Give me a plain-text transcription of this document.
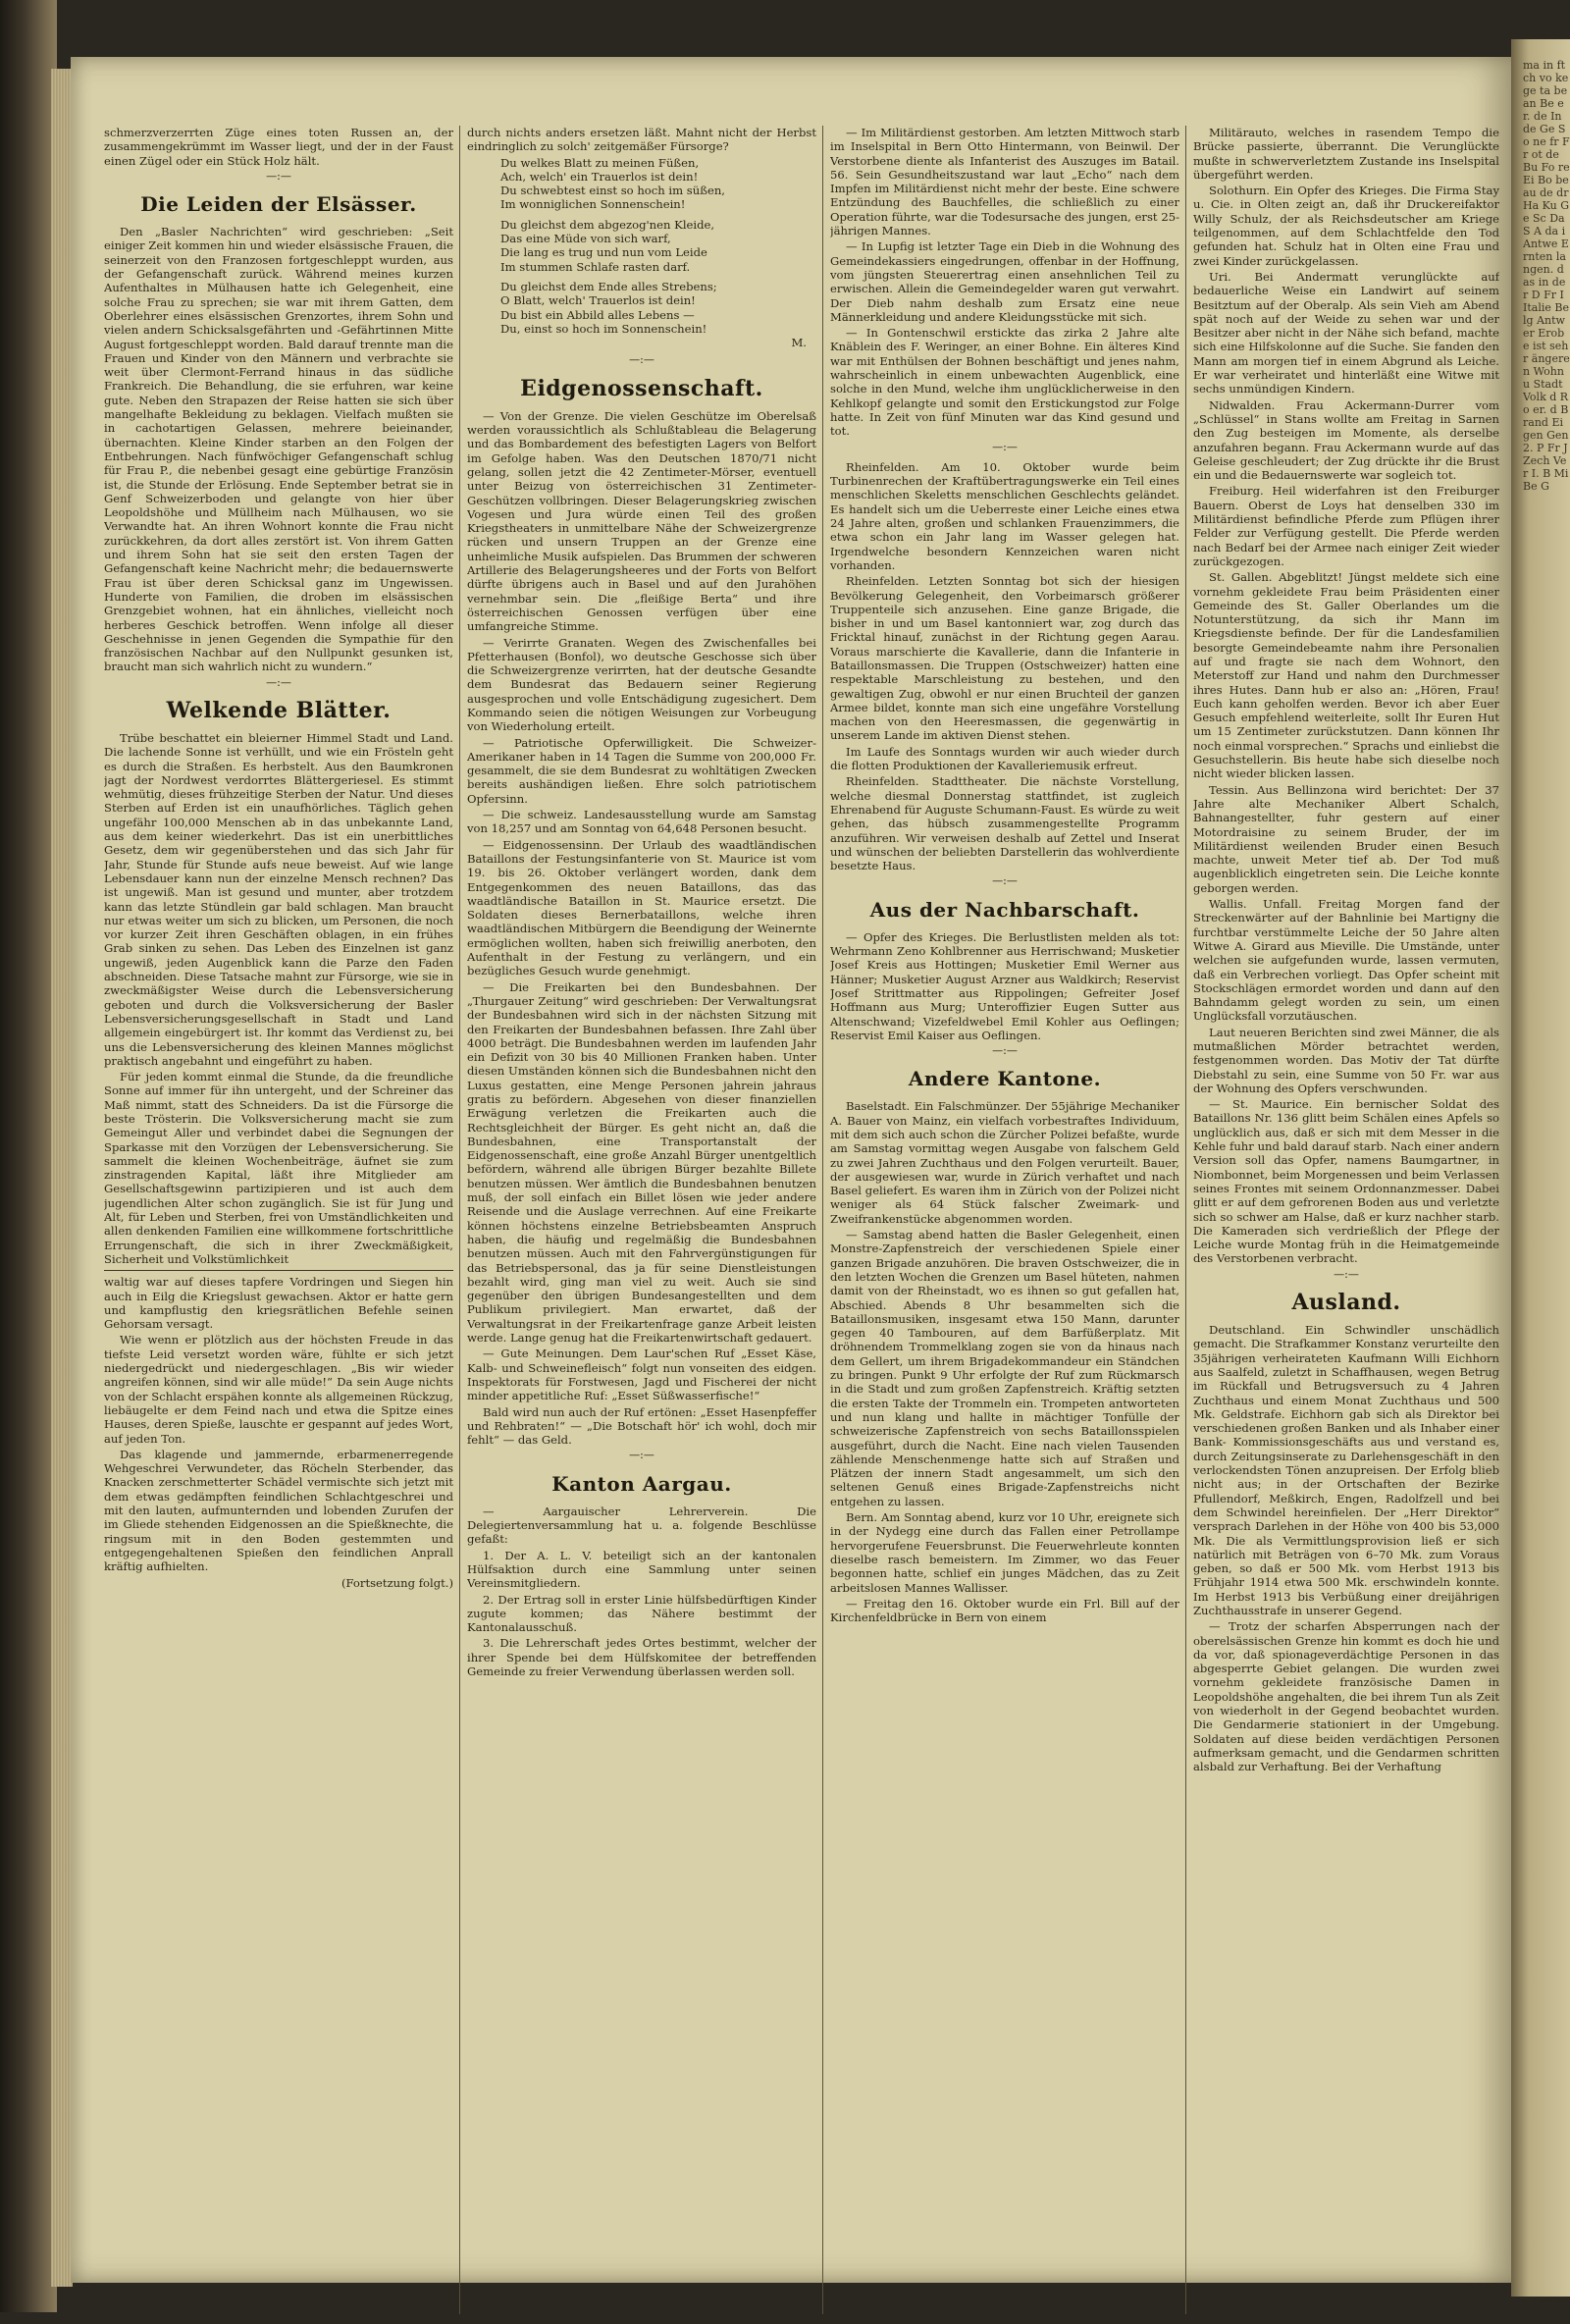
ma in ft ch vo ke ge ta be an Be er. de In de Ge So ne fr Fr ot de Bu Fo re Ei Bo be au de dr Ha Ku Ge Sc Da S A da i Antwe Ernten langen. das in der D Fr I Italie Belg Antwer Erobe ist sehr ängeren Wohnu Stadt Volk d Ro er. d Brand Eigen Gen 2. P Fr J Zech Ver I. B Mi Be G

schmerzverzerrten Züge eines toten Russen an, der zusammengekrümmt im Wasser liegt, und der in der Faust einen Zügel oder ein Stück Holz hält.

—:—
Die Leiden der Elsässer.

Den „Basler Nachrichten“ wird geschrieben: „Seit einiger Zeit kommen hin und wieder elsässische Frauen, die seinerzeit von den Franzosen fortgeschleppt wurden, aus der Gefangenschaft zurück. Während meines kurzen Aufenthaltes in Mülhausen hatte ich Gelegenheit, eine solche Frau zu sprechen; sie war mit ihrem Gatten, dem Oberlehrer eines elsässischen Grenzortes, ihrem Sohn und vielen andern Schicksalsgefährten und -Gefährtinnen Mitte August fortgeschleppt worden. Bald darauf trennte man die Frauen und Kinder von den Männern und verbrachte sie weit über Clermont-Ferrand hinaus in das südliche Frankreich. Die Behandlung, die sie erfuhren, war keine gute. Neben den Strapazen der Reise hatten sie sich über mangelhafte Bekleidung zu beklagen. Vielfach mußten sie in cachotartigen Gelassen, mehrere beieinander, übernachten. Kleine Kinder starben an den Folgen der Entbehrungen. Nach fünfwöchiger Gefangenschaft schlug für Frau P., die nebenbei gesagt eine gebürtige Französin ist, die Stunde der Erlösung. Ende September betrat sie in Genf Schweizerboden und gelangte von hier über Leopoldshöhe und Müllheim nach Mülhausen, wo sie Verwandte hat. An ihren Wohnort konnte die Frau nicht zurückkehren, da dort alles zerstört ist. Von ihrem Gatten und ihrem Sohn hat sie seit den ersten Tagen der Gefangenschaft keine Nachricht mehr; die bedauernswerte Frau ist über deren Schicksal ganz im Ungewissen. Hunderte von Familien, die droben im elsässischen Grenzgebiet wohnen, hat ein ähnliches, vielleicht noch herberes Geschick betroffen. Wenn infolge all dieser Geschehnisse in jenen Gegenden die Sympathie für den französischen Nachbar auf den Nullpunkt gesunken ist, braucht man sich wahrlich nicht zu wundern.“

—:—
Welkende Blätter.

Trübe beschattet ein bleierner Himmel Stadt und Land. Die lachende Sonne ist verhüllt, und wie ein Frösteln geht es durch die Straßen. Es herbstelt. Aus den Baumkronen jagt der Nordwest verdorrtes Blättergeriesel. Es stimmt wehmütig, dieses frühzeitige Sterben der Natur. Und dieses Sterben auf Erden ist ein unaufhörliches. Täglich gehen ungefähr 100,000 Menschen ab in das unbekannte Land, aus dem keiner wiederkehrt. Das ist ein unerbittliches Gesetz, dem wir gegenüberstehen und das sich Jahr für Jahr, Stunde für Stunde aufs neue beweist. Auf wie lange Lebensdauer kann nun der einzelne Mensch rechnen? Das ist ungewiß. Man ist gesund und munter, aber trotzdem kann das letzte Stündlein gar bald schlagen. Man braucht nur etwas weiter um sich zu blicken, um Personen, die noch vor kurzer Zeit ihren Geschäften oblagen, in ein frühes Grab sinken zu sehen. Das Leben des Einzelnen ist ganz ungewiß, jeden Augenblick kann die Parze den Faden abschneiden. Diese Tatsache mahnt zur Fürsorge, wie sie in zweckmäßigster Weise durch die Lebensversicherung geboten und durch die Volksversicherung der Basler Lebensversicherungsgesellschaft in Stadt und Land allgemein eingebürgert ist. Ihr kommt das Verdienst zu, bei uns die Lebensversicherung des kleinen Mannes möglichst praktisch angebahnt und eingeführt zu haben.

Für jeden kommt einmal die Stunde, da die freundliche Sonne auf immer für ihn untergeht, und der Schreiner das Maß nimmt, statt des Schneiders. Da ist die Fürsorge die beste Trösterin. Die Volksversicherung macht sie zum Gemeingut Aller und verbindet dabei die Segnungen der Sparkasse mit den Vorzügen der Lebensversicherung. Sie sammelt die kleinen Wochenbeiträge, äufnet sie zum zinstragenden Kapital, läßt ihre Mitglieder am Gesellschaftsgewinn partizipieren und ist auch dem jugendlichen Alter schon zugänglich. Sie ist für Jung und Alt, für Leben und Sterben, frei von Umständlichkeiten und allen denkenden Familien eine willkommene fortschrittliche Errungenschaft, die sich in ihrer Zweckmäßigkeit, Sicherheit und Volkstümlichkeit

waltig war auf dieses tapfere Vordringen und Siegen hin auch in Eilg die Kriegslust gewachsen. Aktor er hatte gern und kampflustig den kriegsrätlichen Befehle seinen Gehorsam versagt.

Wie wenn er plötzlich aus der höchsten Freude in das tiefste Leid versetzt worden wäre, fühlte er sich jetzt niedergedrückt und niedergeschlagen. „Bis wir wieder angreifen können, sind wir alle müde!“ Da sein Auge nichts von der Schlacht erspähen konnte als allgemeinen Rückzug, liebäugelte er dem Feind nach und etwa die Spitze eines Hauses, deren Spieße, lauschte er gespannt auf jedes Wort, auf jeden Ton.

Das klagende und jammernde, erbarmenerregende Wehgeschrei Verwundeter, das Röcheln Sterbender, das Knacken zerschmetterter Schädel vermischte sich jetzt mit dem etwas gedämpften feindlichen Schlachtgeschrei und mit den lauten, aufmunternden und lobenden Zurufen der im Gliede stehenden Eidgenossen an die Spießknechte, die ringsum mit in den Boden gestemmten und entgegengehaltenen Spießen den feindlichen Anprall kräftig aufhielten.

(Fortsetzung folgt.)

durch nichts anders ersetzen läßt. Mahnt nicht der Herbst eindringlich zu solch' zeitgemäßer Fürsorge?

Du welkes Blatt zu meinen Füßen,
Ach, welch' ein Trauerlos ist dein!
Du schwebtest einst so hoch im süßen,
Im wonniglichen Sonnenschein!
Du gleichst dem abgezog'nen Kleide,
Das eine Müde von sich warf,
Die lang es trug und nun vom Leide
Im stummen Schlafe rasten darf.
Du gleichst dem Ende alles Strebens;
O Blatt, welch' Trauerlos ist dein!
Du bist ein Abbild alles Lebens —
Du, einst so hoch im Sonnenschein!
M.
—:—
Eidgenossenschaft.

— Von der Grenze. Die vielen Geschütze im Oberelsaß werden voraussichtlich als Schlußtableau die Belagerung und das Bombardement des befestigten Lagers von Belfort im Gefolge haben. Was den Deutschen 1870/71 nicht gelang, sollen jetzt die 42 Zentimeter-Mörser, eventuell unter Beizug von österreichischen 31 Zentimeter-Geschützen vollbringen. Dieser Belagerungskrieg zwischen Vogesen und Jura würde einen Teil des großen Kriegstheaters in unmittelbare Nähe der Schweizergrenze rücken und unsern Truppen an der Grenze eine unheimliche Musik aufspielen. Das Brummen der schweren Artillerie des Belagerungsheeres und der Forts von Belfort dürfte übrigens auch in Basel und auf den Jurahöhen vernehmbar sein. Die „fleißige Berta“ und ihre österreichischen Genossen verfügen über eine umfangreiche Stimme.

— Verirrte Granaten. Wegen des Zwischenfalles bei Pfetterhausen (Bonfol), wo deutsche Geschosse sich über die Schweizergrenze verirrten, hat der deutsche Gesandte dem Bundesrat das Bedauern seiner Regierung ausgesprochen und volle Entschädigung zugesichert. Dem Kommando seien die nötigen Weisungen zur Vorbeugung von Wiederholung erteilt.

— Patriotische Opferwilligkeit. Die Schweizer-Amerikaner haben in 14 Tagen die Summe von 200,000 Fr. gesammelt, die sie dem Bundesrat zu wohltätigen Zwecken bereits aushändigen ließen. Ehre solch patriotischem Opfersinn.

— Die schweiz. Landesausstellung wurde am Samstag von 18,257 und am Sonntag von 64,648 Personen besucht.

— Eidgenossensinn. Der Urlaub des waadtländischen Bataillons der Festungsinfanterie von St. Maurice ist vom 19. bis 26. Oktober verlängert worden, dank dem Entgegenkommen des neuen Bataillons, das das waadtländische Bataillon in St. Maurice ersetzt. Die Soldaten dieses Bernerbataillons, welche ihren waadtländischen Mitbürgern die Beendigung der Weinernte ermöglichen wollten, haben sich freiwillig anerboten, den Aufenthalt in der Festung zu verlängern, und ein bezügliches Gesuch wurde genehmigt.

— Die Freikarten bei den Bundesbahnen. Der „Thurgauer Zeitung“ wird geschrieben: Der Verwaltungsrat der Bundesbahnen wird sich in der nächsten Sitzung mit den Freikarten der Bundesbahnen befassen. Ihre Zahl über 4000 beträgt. Die Bundesbahnen werden im laufenden Jahr ein Defizit von 30 bis 40 Millionen Franken haben. Unter diesen Umständen können sich die Bundesbahnen nicht den Luxus gestatten, eine Menge Personen jahrein jahraus gratis zu befördern. Abgesehen von dieser finanziellen Erwägung verletzen die Freikarten auch die Rechtsgleichheit der Bürger. Es geht nicht an, daß die Bundesbahnen, eine Transportanstalt der Eidgenossenschaft, eine große Anzahl Bürger unentgeltlich befördern, während alle übrigen Bürger bezahlte Billete benutzen müssen. Wer ämtlich die Bundesbahnen benutzen muß, der soll einfach ein Billet lösen wie jeder andere Reisende und die Auslage verrechnen. Auf eine Freikarte können höchstens einzelne Betriebsbeamten Anspruch haben, die häufig und regelmäßig die Bundesbahnen benutzen müssen. Auch mit den Fahrvergünstigungen für das Betriebspersonal, das ja für seine Dienstleistungen bezahlt wird, ging man viel zu weit. Auch sie sind gegenüber den übrigen Bundesangestellten und dem Publikum privilegiert. Man erwartet, daß der Verwaltungsrat in der Freikartenfrage ganze Arbeit leisten werde. Lange genug hat die Freikartenwirtschaft gedauert.

— Gute Meinungen. Dem Laur'schen Ruf „Esset Käse, Kalb- und Schweinefleisch“ folgt nun vonseiten des eidgen. Inspektorats für Forstwesen, Jagd und Fischerei der nicht minder appetitliche Ruf: „Esset Süßwasserfische!“

Bald wird nun auch der Ruf ertönen: „Esset Hasenpfeffer und Rehbraten!“ — „Die Botschaft hör' ich wohl, doch mir fehlt“ — das Geld.

—:—
Kanton Aargau.

— Aargauischer Lehrerverein. Die Delegiertenversammlung hat u. a. folgende Beschlüsse gefaßt:

1. Der A. L. V. beteiligt sich an der kantonalen Hülfsaktion durch eine Sammlung unter seinen Vereinsmitgliedern.

2. Der Ertrag soll in erster Linie hülfsbedürftigen Kinder zugute kommen; das Nähere bestimmt der Kantonalausschuß.

3. Die Lehrerschaft jedes Ortes bestimmt, welcher der ihrer Spende bei dem Hülfskomitee der betreffenden Gemeinde zu freier Verwendung überlassen werden soll.

— Im Militärdienst gestorben. Am letzten Mittwoch starb im Inselspital in Bern Otto Hintermann, von Beinwil. Der Verstorbene diente als Infanterist des Auszuges im Batail. 56. Sein Gesundheitszustand war laut „Echo“ nach dem Impfen im Militärdienst nicht mehr der beste. Eine schwere Entzündung des Bauchfelles, die schließlich zu einer Operation führte, war die Todesursache des jungen, erst 25-jährigen Mannes.

— In Lupfig ist letzter Tage ein Dieb in die Wohnung des Gemeindekassiers eingedrungen, offenbar in der Hoffnung, vom jüngsten Steuerertrag einen ansehnlichen Teil zu erwischen. Allein die Gemeindegelder waren gut verwahrt. Der Dieb nahm deshalb zum Ersatz eine neue Männerkleidung und andere Kleidungsstücke mit sich.

— In Gontenschwil erstickte das zirka 2 Jahre alte Knäblein des F. Weringer, an einer Bohne. Ein älteres Kind war mit Enthülsen der Bohnen beschäftigt und jenes nahm, wahrscheinlich in einem unbewachten Augenblick, eine solche in den Mund, welche ihm unglücklicherweise in den Kehlkopf gelangte und somit den Erstickungstod zur Folge hatte. In Zeit von fünf Minuten war das Kind gesund und tot.

—:—

Rheinfelden. Am 10. Oktober wurde beim Turbinenrechen der Kraftübertragungswerke ein Teil eines menschlichen Skeletts menschlichen Geschlechts geländet. Es handelt sich um die Ueberreste einer Leiche eines etwa 24 Jahre alten, großen und schlanken Frauenzimmers, die etwa schon ein Jahr lang im Wasser gelegen hat. Irgendwelche besondern Kennzeichen waren nicht vorhanden.

Rheinfelden. Letzten Sonntag bot sich der hiesigen Bevölkerung Gelegenheit, den Vorbeimarsch größerer Truppenteile sich anzusehen. Eine ganze Brigade, die bisher in und um Basel kantonniert war, zog durch das Fricktal hinauf, zunächst in der Richtung gegen Aarau. Voraus marschierte die Kavallerie, dann die Infanterie in Bataillonsmassen. Die Truppen (Ostschweizer) hatten eine respektable Marschleistung zu bestehen, und den gewaltigen Zug, obwohl er nur einen Bruchteil der ganzen Armee bildet, konnte man sich eine ungefähre Vorstellung machen von den Heeresmassen, die gegenwärtig in unserem Lande im aktiven Dienst stehen.

Im Laufe des Sonntags wurden wir auch wieder durch die flotten Produktionen der Kavalleriemusik erfreut.

Rheinfelden. Stadttheater. Die nächste Vorstellung, welche diesmal Donnerstag stattfindet, ist zugleich Ehrenabend für Auguste Schumann-Faust. Es würde zu weit gehen, das hübsch zusammengestellte Programm anzuführen. Wir verweisen deshalb auf Zettel und Inserat und wünschen der beliebten Darstellerin das wohlverdiente besetzte Haus.

—:—
Aus der Nachbarschaft.

— Opfer des Krieges. Die Berlustlisten melden als tot: Wehrmann Zeno Kohlbrenner aus Herrischwand; Musketier Josef Kreis aus Hottingen; Musketier Emil Werner aus Hänner; Musketier August Arzner aus Waldkirch; Reservist Josef Strittmatter aus Rippolingen; Gefreiter Josef Hoffmann aus Murg; Unteroffizier Eugen Sutter aus Altenschwand; Vizefeldwebel Emil Kohler aus Oeflingen; Reservist Emil Kaiser aus Oeflingen.

—:—
Andere Kantone.

Baselstadt. Ein Falschmünzer. Der 55jährige Mechaniker A. Bauer von Mainz, ein vielfach vorbestraftes Individuum, mit dem sich auch schon die Zürcher Polizei befaßte, wurde am Samstag vormittag wegen Ausgabe von falschem Geld zu zwei Jahren Zuchthaus und den Folgen verurteilt. Bauer, der ausgewiesen war, wurde in Zürich verhaftet und nach Basel geliefert. Es waren ihm in Zürich von der Polizei nicht weniger als 64 Stück falscher Zweimark- und Zweifrankenstücke abgenommen worden.

— Samstag abend hatten die Basler Gelegenheit, einen Monstre-Zapfenstreich der verschiedenen Spiele einer ganzen Brigade anzuhören. Die braven Ostschweizer, die in den letzten Wochen die Grenzen um Basel hüteten, nahmen damit von der Rheinstadt, wo es ihnen so gut gefallen hat, Abschied. Abends 8 Uhr besammelten sich die Bataillonsmusiken, insgesamt etwa 150 Mann, darunter gegen 40 Tambouren, auf dem Barfüßerplatz. Mit dröhnendem Trommelklang zogen sie von da hinaus nach dem Gellert, um ihrem Brigadekommandeur ein Ständchen zu bringen. Punkt 9 Uhr erfolgte der Ruf zum Rückmarsch in die Stadt und zum großen Zapfenstreich. Kräftig setzten die ersten Takte der Trommeln ein. Trompeten antworteten und nun klang und hallte in mächtiger Tonfülle der schweizerische Zapfenstreich von sechs Bataillonsspielen ausgeführt, durch die Nacht. Eine nach vielen Tausenden zählende Menschenmenge hatte sich auf Straßen und Plätzen der innern Stadt angesammelt, um sich den seltenen Genuß eines Brigade-Zapfenstreichs nicht entgehen zu lassen.

Bern. Am Sonntag abend, kurz vor 10 Uhr, ereignete sich in der Nydegg eine durch das Fallen einer Petrollampe hervorgerufene Feuersbrunst. Die Feuerwehrleute konnten dieselbe rasch bemeistern. Im Zimmer, wo das Feuer begonnen hatte, schlief ein junges Mädchen, das zu Zeit arbeitslosen Mannes Wallisser.

— Freitag den 16. Oktober wurde ein Frl. Bill auf der Kirchenfeldbrücke in Bern von einem

Militärauto, welches in rasendem Tempo die Brücke passierte, überrannt. Die Verunglückte mußte in schwerverletztem Zustande ins Inselspital übergeführt werden.

Solothurn. Ein Opfer des Krieges. Die Firma Stay u. Cie. in Olten zeigt an, daß ihr Druckereifaktor Willy Schulz, der als Reichsdeutscher am Kriege teilgenommen, auf dem Schlachtfelde den Tod gefunden hat. Schulz hat in Olten eine Frau und zwei Kinder zurückgelassen.

Uri. Bei Andermatt verunglückte auf bedauerliche Weise ein Landwirt auf seinem Besitztum auf der Oberalp. Als sein Vieh am Abend spät noch auf der Weide zu sehen war und der Besitzer aber nicht in der Nähe sich befand, machte sich eine Hilfskolonne auf die Suche. Sie fanden den Mann am morgen tief in einem Abgrund als Leiche. Er war verheiratet und hinterläßt eine Witwe mit sechs unmündigen Kindern.

Nidwalden. Frau Ackermann-Durrer vom „Schlüssel“ in Stans wollte am Freitag in Sarnen den Zug besteigen im Momente, als derselbe anzufahren begann. Frau Ackermann wurde auf das Geleise geschleudert; der Zug drückte ihr die Brust ein und die Bedauernswerte war sogleich tot.

Freiburg. Heil widerfahren ist den Freiburger Bauern. Oberst de Loys hat denselben 330 im Militärdienst befindliche Pferde zum Pflügen ihrer Felder zur Verfügung gestellt. Die Pferde werden nach Bedarf bei der Armee nach einiger Zeit wieder zurückgezogen.

St. Gallen. Abgeblitzt! Jüngst meldete sich eine vornehm gekleidete Frau beim Präsidenten einer Gemeinde des St. Galler Oberlandes um die Notunterstützung, da sich ihr Mann im Kriegsdienste befinde. Der für die Landesfamilien besorgte Gemeindebeamte nahm ihre Personalien auf und fragte sie nach dem Wohnort, den Meterstoff zur Hand und nahm den Durchmesser ihres Hutes. Dann hub er also an: „Hören, Frau! Euch kann geholfen werden. Bevor ich aber Euer Gesuch empfehlend weiterleite, sollt Ihr Euren Hut um 15 Zentimeter zurückstutzen. Dann können Ihr noch einmal vorsprechen.“ Sprachs und einliebst die Gesuchstellerin. Bis heute habe sich dieselbe noch nicht wieder blicken lassen.

Tessin. Aus Bellinzona wird berichtet: Der 37 Jahre alte Mechaniker Albert Schalch, Bahnangestellter, fuhr gestern auf einer Motordraisine zu seinem Bruder, der im Militärdienst weilenden Bruder einen Besuch machte, unweit Meter tief ab. Der Tod muß augenblicklich eingetreten sein. Die Leiche konnte geborgen werden.

Wallis. Unfall. Freitag Morgen fand der Streckenwärter auf der Bahnlinie bei Martigny die furchtbar verstümmelte Leiche der 50 Jahre alten Witwe A. Girard aus Mieville. Die Umstände, unter welchen sie aufgefunden wurde, lassen vermuten, daß ein Verbrechen vorliegt. Das Opfer scheint mit Stockschlägen ermordet worden und dann auf den Bahndamm gelegt worden zu sein, um einen Unglücksfall vorzutäuschen.

Laut neueren Berichten sind zwei Männer, die als mutmaßlichen Mörder betrachtet werden, festgenommen worden. Das Motiv der Tat dürfte Diebstahl zu sein, eine Summe von 50 Fr. war aus der Wohnung des Opfers verschwunden.

— St. Maurice. Ein bernischer Soldat des Bataillons Nr. 136 glitt beim Schälen eines Apfels so unglücklich aus, daß er sich mit dem Messer in die Kehle fuhr und bald darauf starb. Nach einer andern Version soll das Opfer, namens Baumgartner, in Niombonnet, beim Morgenessen und beim Verlassen seines Frontes mit seinem Ordonnanzmesser. Dabei glitt er auf dem gefrorenen Boden aus und verletzte sich so schwer am Halse, daß er kurz nachher starb. Die Kameraden sich verdrießlich der Pflege der Leiche wurde Montag früh in die Heimatgemeinde des Verstorbenen verbracht.

—:—
Ausland.

Deutschland. Ein Schwindler unschädlich gemacht. Die Strafkammer Konstanz verurteilte den 35jährigen verheirateten Kaufmann Willi Eichhorn aus Saalfeld, zuletzt in Schaffhausen, wegen Betrug im Rückfall und Betrugsversuch zu 4 Jahren Zuchthaus und einem Monat Zuchthaus und 500 Mk. Geldstrafe. Eichhorn gab sich als Direktor bei verschiedenen großen Banken und als Inhaber einer Bank- Kommissionsgeschäfts aus und verstand es, durch Zeitungsinserate zu Darlehensgeschäft in den verlockendsten Tönen anzupreisen. Der Erfolg blieb nicht aus; in der Ortschaften der Bezirke Pfullendorf, Meßkirch, Engen, Radolfzell und bei dem Schwindel hereinfielen. Der „Herr Direktor“ versprach Darlehen in der Höhe von 400 bis 53,000 Mk. Die als Vermittlungsprovision ließ er sich natürlich mit Beträgen von 6–70 Mk. zum Voraus geben, so daß er 500 Mk. vom Herbst 1913 bis Frühjahr 1914 etwa 500 Mk. erschwindeln konnte. Im Herbst 1913 bis Verbüßung einer dreijährigen Zuchthausstrafe in unserer Gegend.

— Trotz der scharfen Absperrungen nach der oberelsässischen Grenze hin kommt es doch hie und da vor, daß spionageverdächtige Personen in das abgesperrte Gebiet gelangen. Die wurden zwei vornehm gekleidete französische Damen in Leopoldshöhe angehalten, die bei ihrem Tun als Zeit von wiederholt in der Gegend beobachtet wurden. Die Gendarmerie stationiert in der Umgebung. Soldaten auf diese beiden verdächtigen Personen aufmerksam gemacht, und die Gendarmen schritten alsbald zur Verhaftung. Bei der Verhaftung
